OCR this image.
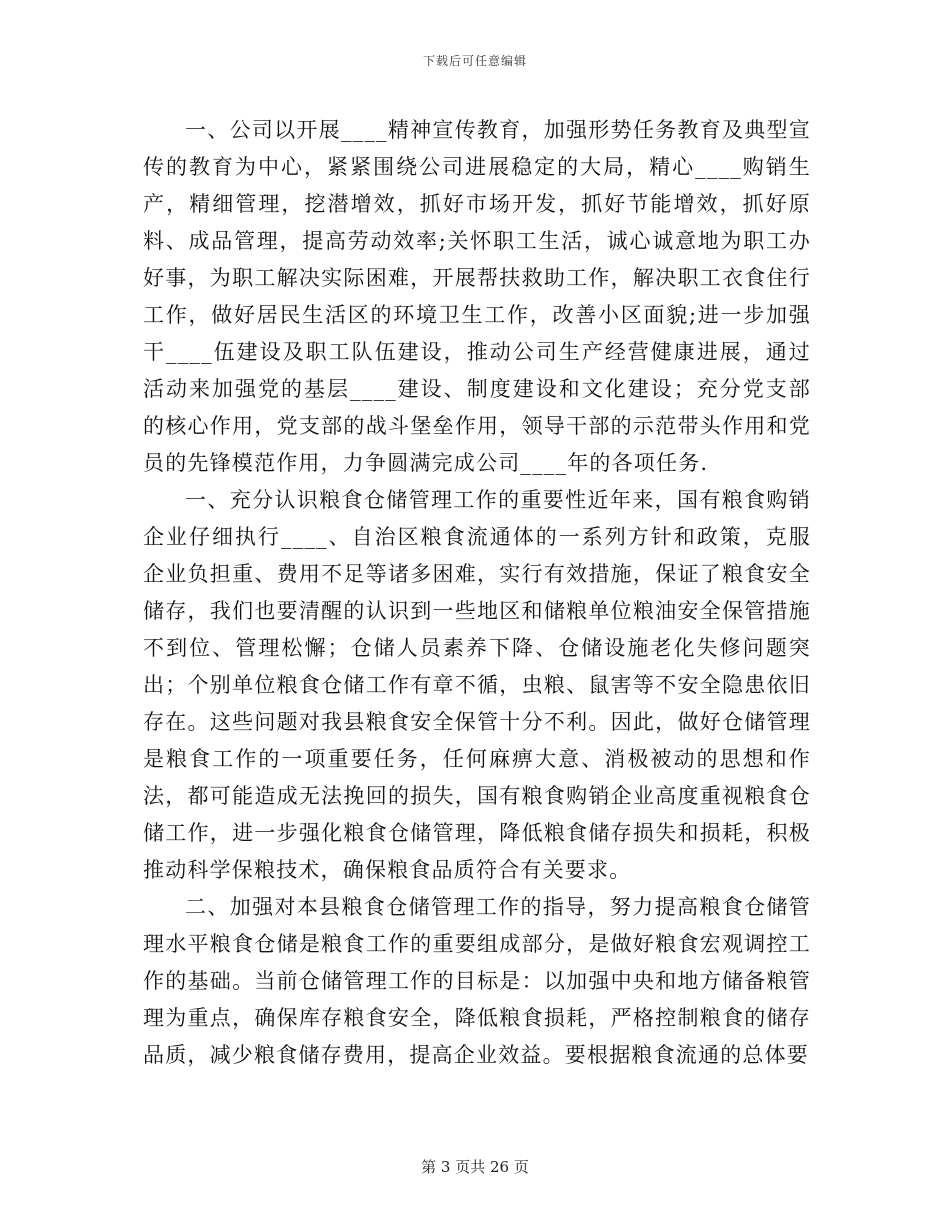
下载后可任意编辑

一、公司以开展____精神宣传教育，加强形势任务教育及典型宣传的教育为中心，紧紧围绕公司进展稳定的大局，精心____购销生产，精细管理，挖潜增效，抓好市场开发，抓好节能增效，抓好原料、成品管理，提高劳动效率;关怀职工生活，诚心诚意地为职工办好事，为职工解决实际困难，开展帮扶救助工作，解决职工衣食住行工作，做好居民生活区的环境卫生工作，改善小区面貌;进一步加强干____伍建设及职工队伍建设，推动公司生产经营健康进展，通过活动来加强党的基层____建设、制度建设和文化建设；充分党支部的核心作用，党支部的战斗堡垒作用，领导干部的示范带头作用和党员的先锋模范作用，力争圆满完成公司____年的各项任务.

一、充分认识粮食仓储管理工作的重要性近年来，国有粮食购销企业仔细执行____、自治区粮食流通体的一系列方针和政策，克服企业负担重、费用不足等诸多困难，实行有效措施，保证了粮食安全储存，我们也要清醒的认识到一些地区和储粮单位粮油安全保管措施不到位、管理松懈；仓储人员素养下降、仓储设施老化失修问题突出；个别单位粮食仓储工作有章不循，虫粮、鼠害等不安全隐患依旧存在。这些问题对我县粮食安全保管十分不利。因此，做好仓储管理是粮食工作的一项重要任务，任何麻痹大意、消极被动的思想和作法，都可能造成无法挽回的损失，国有粮食购销企业高度重视粮食仓储工作，进一步强化粮食仓储管理，降低粮食储存损失和损耗，积极推动科学保粮技术，确保粮食品质符合有关要求。

二、加强对本县粮食仓储管理工作的指导，努力提高粮食仓储管理水平粮食仓储是粮食工作的重要组成部分，是做好粮食宏观调控工作的基础。当前仓储管理工作的目标是：以加强中央和地方储备粮管理为重点，确保库存粮食安全，降低粮食损耗，严格控制粮食的储存品质，减少粮食储存费用，提高企业效益。要根据粮食流通的总体要

第 3 页共 26 页
